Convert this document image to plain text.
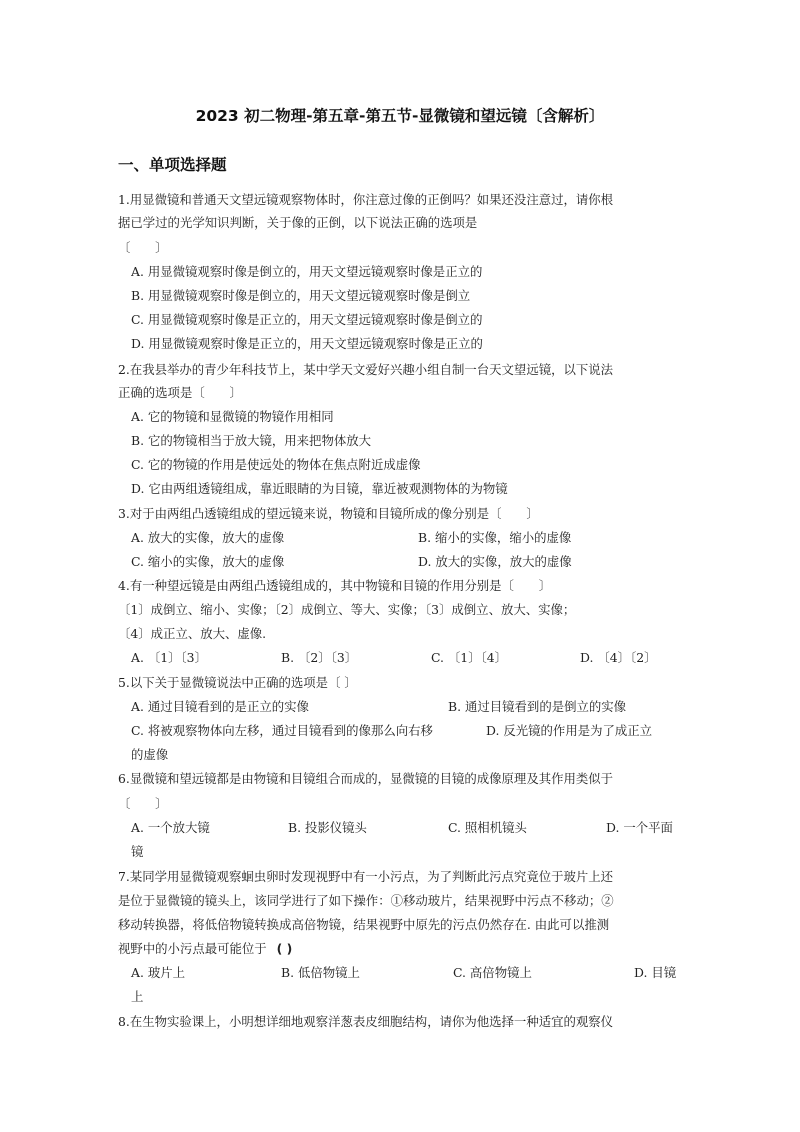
2023 初二物理-第五章-第五节-显微镜和望远镜〔含解析〕
一、单项选择题
1.用显微镜和普通天文望远镜观察物体时，你注意过像的正倒吗？如果还没注意过，请你根
据已学过的光学知识判断，关于像的正倒，以下说法正确的选项是
〔　　〕
A. 用显微镜观察时像是倒立的，用天文望远镜观察时像是正立的
B. 用显微镜观察时像是倒立的，用天文望远镜观察时像是倒立
C. 用显微镜观察时像是正立的，用天文望远镜观察时像是倒立的
D. 用显微镜观察时像是正立的，用天文望远镜观察时像是正立的
2.在我县举办的青少年科技节上，某中学天文爱好兴趣小组自制一台天文望远镜，以下说法
正确的选项是〔　　〕
A. 它的物镜和显微镜的物镜作用相同
B. 它的物镜相当于放大镜，用来把物体放大
C. 它的物镜的作用是使远处的物体在焦点附近成虚像
D. 它由两组透镜组成，靠近眼睛的为目镜，靠近被观测物体的为物镜
3.对于由两组凸透镜组成的望远镜来说，物镜和目镜所成的像分别是〔　　〕
A. 放大的实像，放大的虚像	B. 缩小的实像，缩小的虚像
C. 缩小的实像，放大的虚像	D. 放大的实像，放大的虚像
4.有一种望远镜是由两组凸透镜组成的，其中物镜和目镜的作用分别是〔　　〕
〔1〕成倒立、缩小、实像；〔2〕成倒立、等大、实像；〔3〕成倒立、放大、实像；
〔4〕成正立、放大、虚像.
A. 〔1〕〔3〕	B. 〔2〕〔3〕	C. 〔1〕〔4〕	D. 〔4〕〔2〕
5.以下关于显微镜说法中正确的选项是〔 〕
A. 通过目镜看到的是正立的实像	B. 通过目镜看到的是倒立的实像
C. 将被观察物体向左移，通过目镜看到的像那么向右移	D. 反光镜的作用是为了成正立
的虚像
6.显微镜和望远镜都是由物镜和目镜组合而成的，显微镜的目镜的成像原理及其作用类似于
〔　　〕
A. 一个放大镜	B. 投影仪镜头	C. 照相机镜头	D. 一个平面
镜
7.某同学用显微镜观察蛔虫卵时发现视野中有一小污点，为了判断此污点究竟位于玻片上还
是位于显微镜的镜头上，该同学进行了如下操作：①移动玻片，结果视野中污点不移动；②
移动转换器，将低倍物镜转换成高倍物镜，结果视野中原先的污点仍然存在. 由此可以推测
视野中的小污点最可能位于 ( )
A. 玻片上	B. 低倍物镜上	C. 高倍物镜上	D. 目镜
上
8.在生物实验课上，小明想详细地观察洋葱表皮细胞结构，请你为他选择一种适宜的观察仪
